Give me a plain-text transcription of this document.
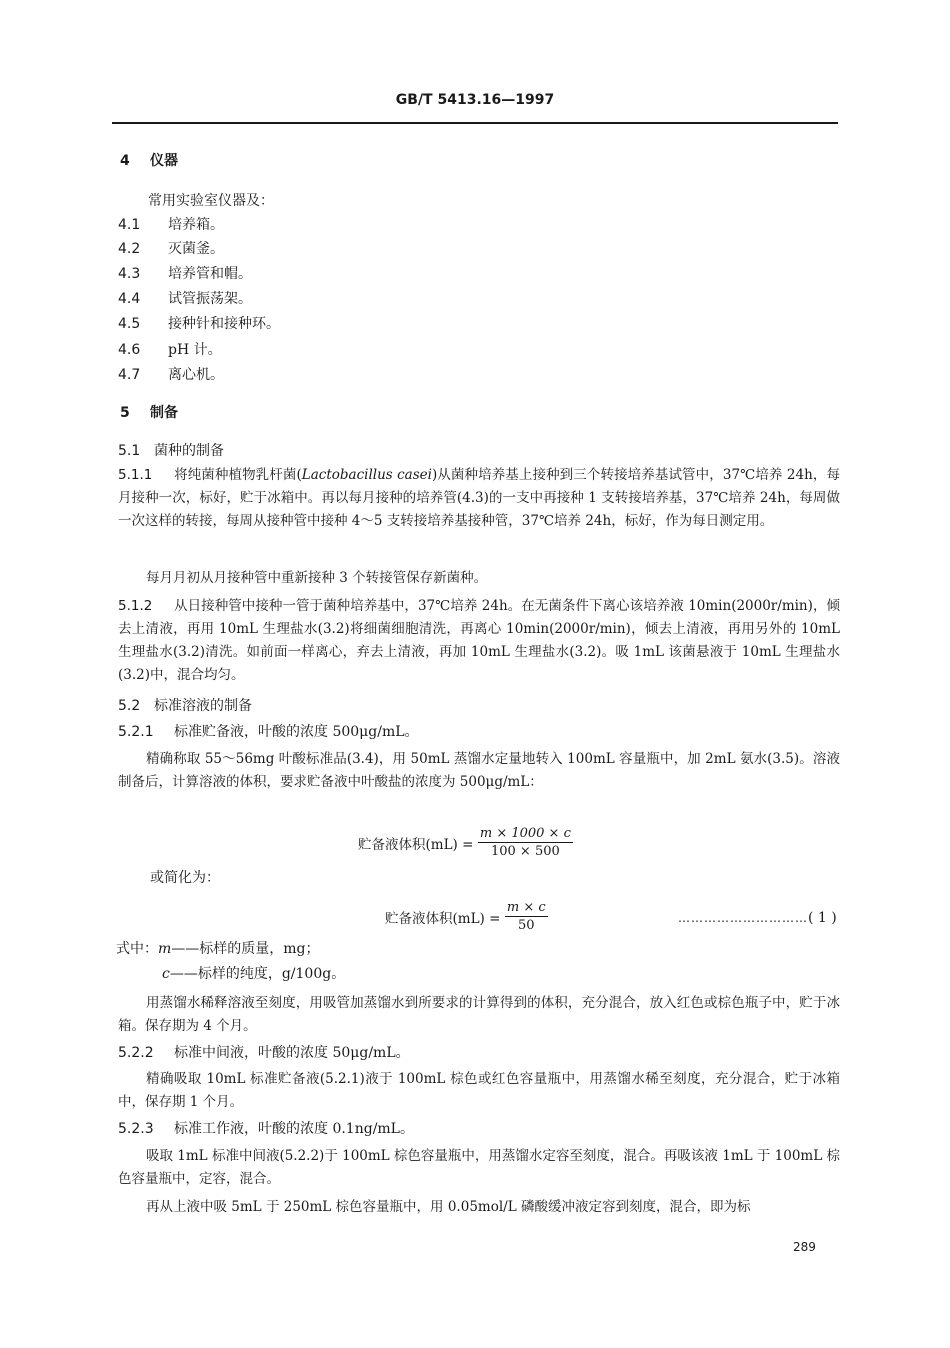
GB/T 5413.16—1997
4 仪器
常用实验室仪器及：
4.1 培养箱。
4.2 灭菌釜。
4.3 培养管和帽。
4.4 试管振荡架。
4.5 接种针和接种环。
4.6 pH 计。
4.7 离心机。
5 制备
5.1 菌种的制备
5.1.1 将纯菌种植物乳杆菌(Lactobacillus casei)从菌种培养基上接种到三个转接培养基试管中，37℃培养 24h，每月接种一次，标好，贮于冰箱中。再以每月接种的培养管(4.3)的一支中再接种 1 支转接培养基，37℃培养 24h，每周做一次这样的转接，每周从接种管中接种 4～5 支转接培养基接种管，37℃培养 24h，标好，作为每日测定用。
每月月初从月接种管中重新接种 3 个转接管保存新菌种。
5.1.2 从日接种管中接种一管于菌种培养基中，37℃培养 24h。在无菌条件下离心该培养液 10min(2000r/min)，倾去上清液，再用 10mL 生理盐水(3.2)将细菌细胞清洗，再离心 10min(2000r/min)，倾去上清液，再用另外的 10mL 生理盐水(3.2)清洗。如前面一样离心，弃去上清液，再加 10mL 生理盐水(3.2)。吸 1mL 该菌悬液于 10mL 生理盐水(3.2)中，混合均匀。
5.2 标准溶液的制备
5.2.1 标准贮备液，叶酸的浓度 500μg/mL。
精确称取 55～56mg 叶酸标准品(3.4)，用 50mL 蒸馏水定量地转入 100mL 容量瓶中，加 2mL 氨水(3.5)。溶液制备后，计算溶液的体积，要求贮备液中叶酸盐的浓度为 500μg/mL：
贮备液体积$(mL) = \frac{m \times 1000 \times c}{100 \times 500}$
或简化为：
贮备液体积$(mL) = \frac{m \times c}{50}$	…………………………( 1 )
式中：m——标样的质量，mg；
c——标样的纯度，g/100g。
用蒸馏水稀释溶液至刻度，用吸管加蒸馏水到所要求的计算得到的体积，充分混合，放入红色或棕色瓶子中，贮于冰箱。保存期为 4 个月。
5.2.2 标准中间液，叶酸的浓度 50μg/mL。
精确吸取 10mL 标准贮备液(5.2.1)液于 100mL 棕色或红色容量瓶中，用蒸馏水稀至刻度，充分混合，贮于冰箱中，保存期 1 个月。
5.2.3 标准工作液，叶酸的浓度 0.1ng/mL。
吸取 1mL 标准中间液(5.2.2)于 100mL 棕色容量瓶中，用蒸馏水定容至刻度，混合。再吸该液 1mL 于 100mL 棕色容量瓶中，定容，混合。
再从上液中吸 5mL 于 250mL 棕色容量瓶中，用 0.05mol/L 磷酸缓冲液定容到刻度，混合，即为标
289
